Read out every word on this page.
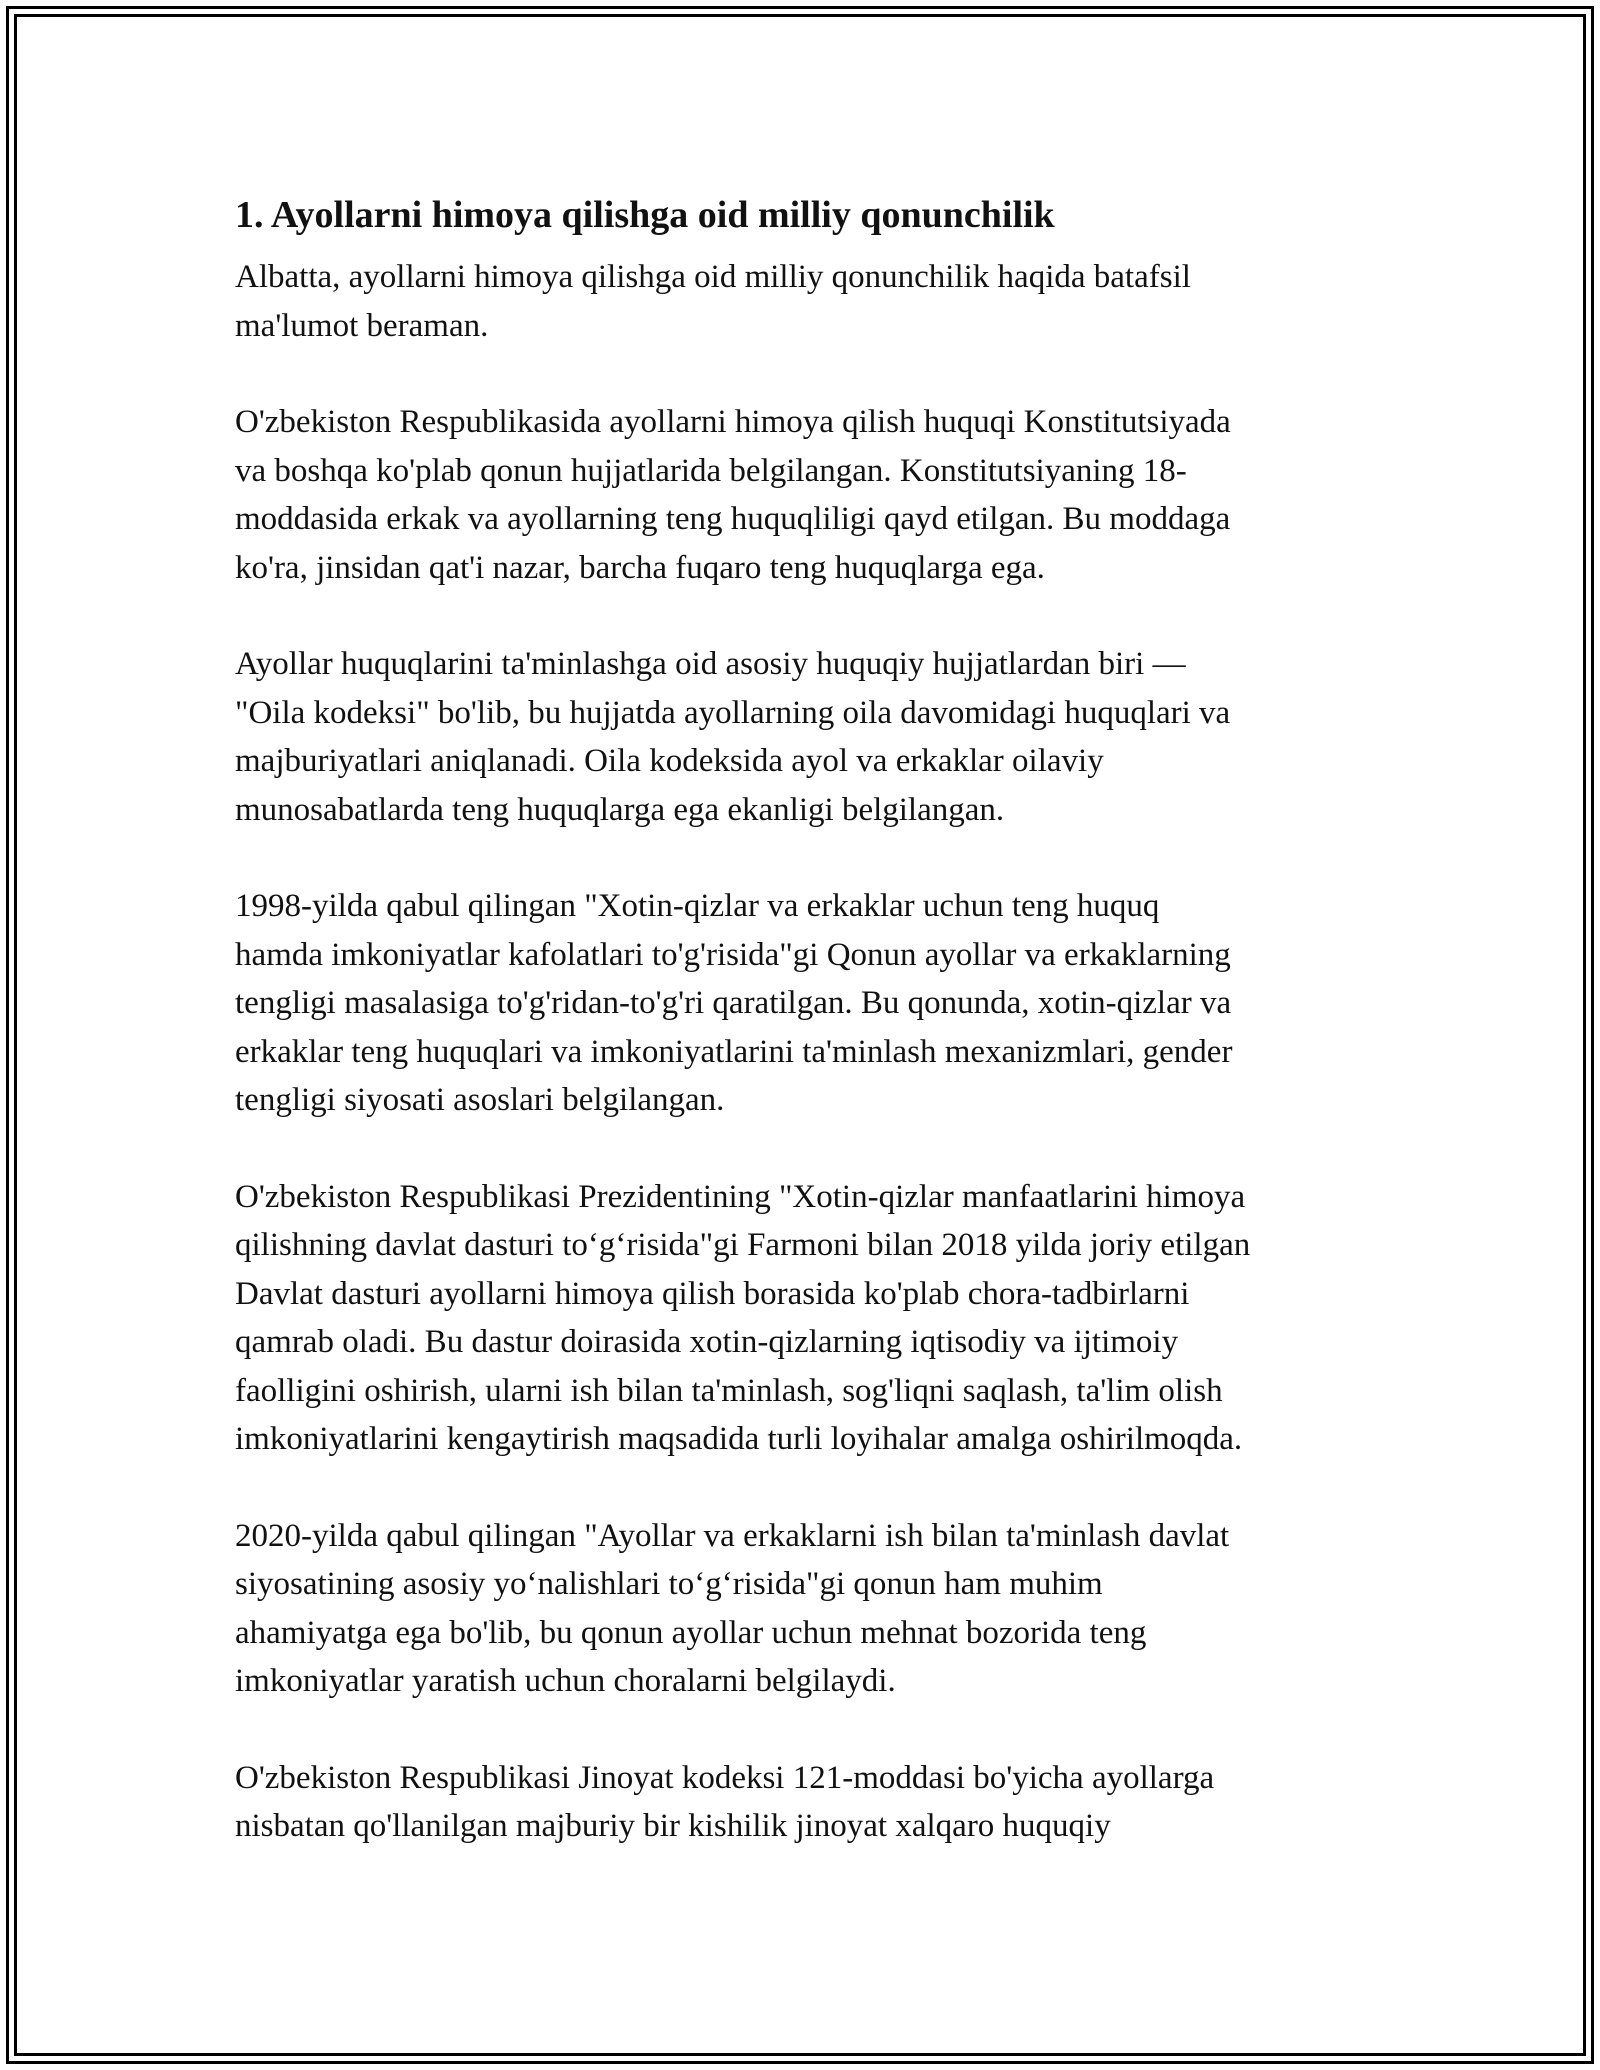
1. Ayollarni himoya qilishga oid milliy qonunchilik

Albatta, ayollarni himoya qilishga oid milliy qonunchilik haqida batafsil
ma'lumot beraman.

O'zbekiston Respublikasida ayollarni himoya qilish huquqi Konstitutsiyada
va boshqa ko'plab qonun hujjatlarida belgilangan. Konstitutsiyaning 18-
moddasida erkak va ayollarning teng huquqliligi qayd etilgan. Bu moddaga
ko'ra, jinsidan qat'i nazar, barcha fuqaro teng huquqlarga ega.

Ayollar huquqlarini ta'minlashga oid asosiy huquqiy hujjatlardan biri —
"Oila kodeksi" bo'lib, bu hujjatda ayollarning oila davomidagi huquqlari va
majburiyatlari aniqlanadi. Oila kodeksida ayol va erkaklar oilaviy
munosabatlarda teng huquqlarga ega ekanligi belgilangan.

1998-yilda qabul qilingan "Xotin-qizlar va erkaklar uchun teng huquq
hamda imkoniyatlar kafolatlari to'g'risida"gi Qonun ayollar va erkaklarning
tengligi masalasiga to'g'ridan-to'g'ri qaratilgan. Bu qonunda, xotin-qizlar va
erkaklar teng huquqlari va imkoniyatlarini ta'minlash mexanizmlari, gender
tengligi siyosati asoslari belgilangan.

O'zbekiston Respublikasi Prezidentining "Xotin-qizlar manfaatlarini himoya
qilishning davlat dasturi to‘g‘risida"gi Farmoni bilan 2018 yilda joriy etilgan
Davlat dasturi ayollarni himoya qilish borasida ko'plab chora-tadbirlarni
qamrab oladi. Bu dastur doirasida xotin-qizlarning iqtisodiy va ijtimoiy
faolligini oshirish, ularni ish bilan ta'minlash, sog'liqni saqlash, ta'lim olish
imkoniyatlarini kengaytirish maqsadida turli loyihalar amalga oshirilmoqda.

2020-yilda qabul qilingan "Ayollar va erkaklarni ish bilan ta'minlash davlat
siyosatining asosiy yo‘nalishlari to‘g‘risida"gi qonun ham muhim
ahamiyatga ega bo'lib, bu qonun ayollar uchun mehnat bozorida teng
imkoniyatlar yaratish uchun choralarni belgilaydi.

O'zbekiston Respublikasi Jinoyat kodeksi 121-moddasi bo'yicha ayollarga
nisbatan qo'llanilgan majburiy bir kishilik jinoyat xalqaro huquqiy
